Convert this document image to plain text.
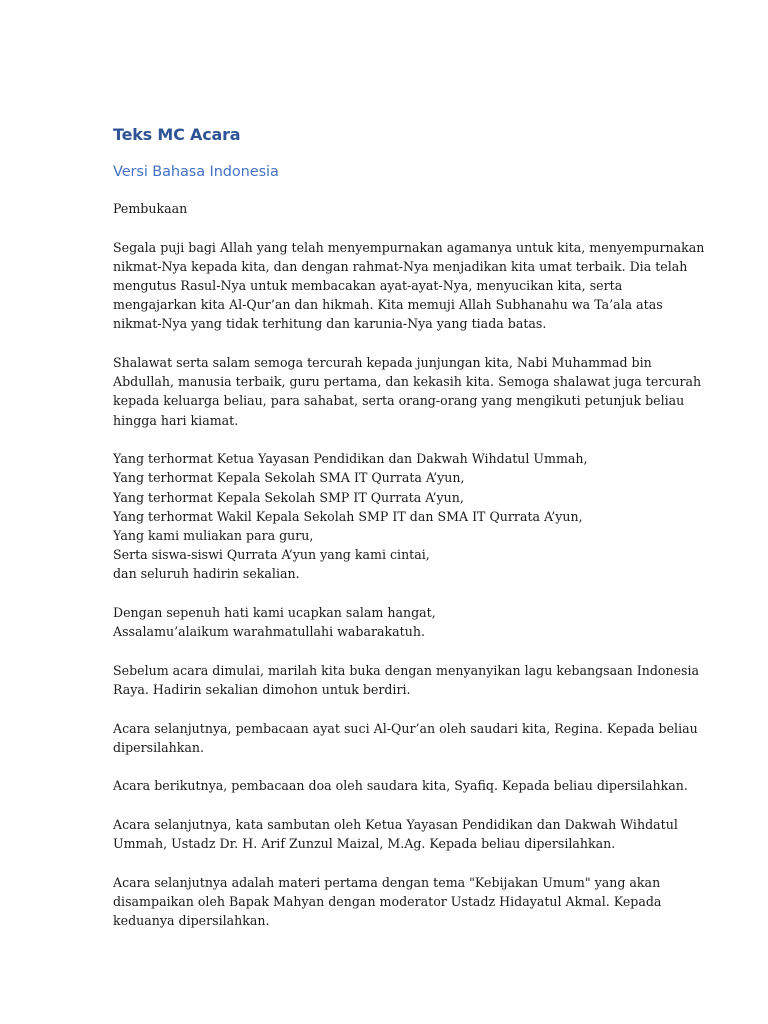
Teks MC Acara
Versi Bahasa Indonesia
Pembukaan
Segala puji bagi Allah yang telah menyempurnakan agamanya untuk kita, menyempurnakan
nikmat-Nya kepada kita, dan dengan rahmat-Nya menjadikan kita umat terbaik. Dia telah
mengutus Rasul-Nya untuk membacakan ayat-ayat-Nya, menyucikan kita, serta
mengajarkan kita Al-Qur’an dan hikmah. Kita memuji Allah Subhanahu wa Ta’ala atas
nikmat-Nya yang tidak terhitung dan karunia-Nya yang tiada batas.
Shalawat serta salam semoga tercurah kepada junjungan kita, Nabi Muhammad bin
Abdullah, manusia terbaik, guru pertama, dan kekasih kita. Semoga shalawat juga tercurah
kepada keluarga beliau, para sahabat, serta orang-orang yang mengikuti petunjuk beliau
hingga hari kiamat.
Yang terhormat Ketua Yayasan Pendidikan dan Dakwah Wihdatul Ummah,
Yang terhormat Kepala Sekolah SMA IT Qurrata A’yun,
Yang terhormat Kepala Sekolah SMP IT Qurrata A’yun,
Yang terhormat Wakil Kepala Sekolah SMP IT dan SMA IT Qurrata A’yun,
Yang kami muliakan para guru,
Serta siswa-siswi Qurrata A’yun yang kami cintai,
dan seluruh hadirin sekalian.
Dengan sepenuh hati kami ucapkan salam hangat,
Assalamu’alaikum warahmatullahi wabarakatuh.
Sebelum acara dimulai, marilah kita buka dengan menyanyikan lagu kebangsaan Indonesia
Raya. Hadirin sekalian dimohon untuk berdiri.
Acara selanjutnya, pembacaan ayat suci Al-Qur’an oleh saudari kita, Regina. Kepada beliau
dipersilahkan.
Acara berikutnya, pembacaan doa oleh saudara kita, Syafiq. Kepada beliau dipersilahkan.
Acara selanjutnya, kata sambutan oleh Ketua Yayasan Pendidikan dan Dakwah Wihdatul
Ummah, Ustadz Dr. H. Arif Zunzul Maizal, M.Ag. Kepada beliau dipersilahkan.
Acara selanjutnya adalah materi pertama dengan tema "Kebijakan Umum" yang akan
disampaikan oleh Bapak Mahyan dengan moderator Ustadz Hidayatul Akmal. Kepada
keduanya dipersilahkan.
